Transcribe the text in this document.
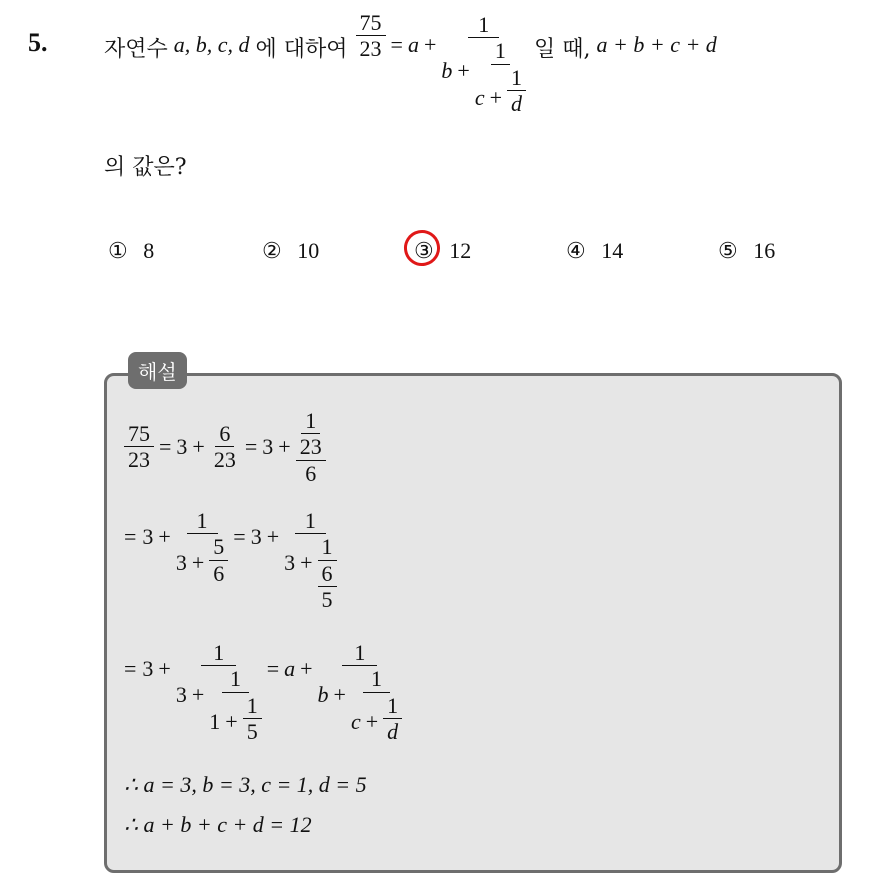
5.	자연수 a, b, c, d 에 대하여 $\frac{75}{23} = a$ +
1
$b + \frac{1}{c + \frac{1}{d}}$ 일 때, a + b + c + d
의 값은?
① 8	② 10	③ 12	④ 14	⑤ 16
해설
$\frac{75}{23} = 3 + \frac{6}{23} = 3 + \frac{1}{\frac{23}{6}}$
= $3 + \frac{1}{3 + \frac{5}{6}} = 3 + \frac{1}{3 + \frac{1}{\frac{6}{5}}}$
= $3 + \frac{1}{3 + \frac{1}{1 + \frac{1}{5}}} = a + \frac{1}{b + \frac{1}{c + \frac{1}{d}}}$
∴ a = 3, b = 3, c = 1, d = 5
∴ a + b + c + d = 12
